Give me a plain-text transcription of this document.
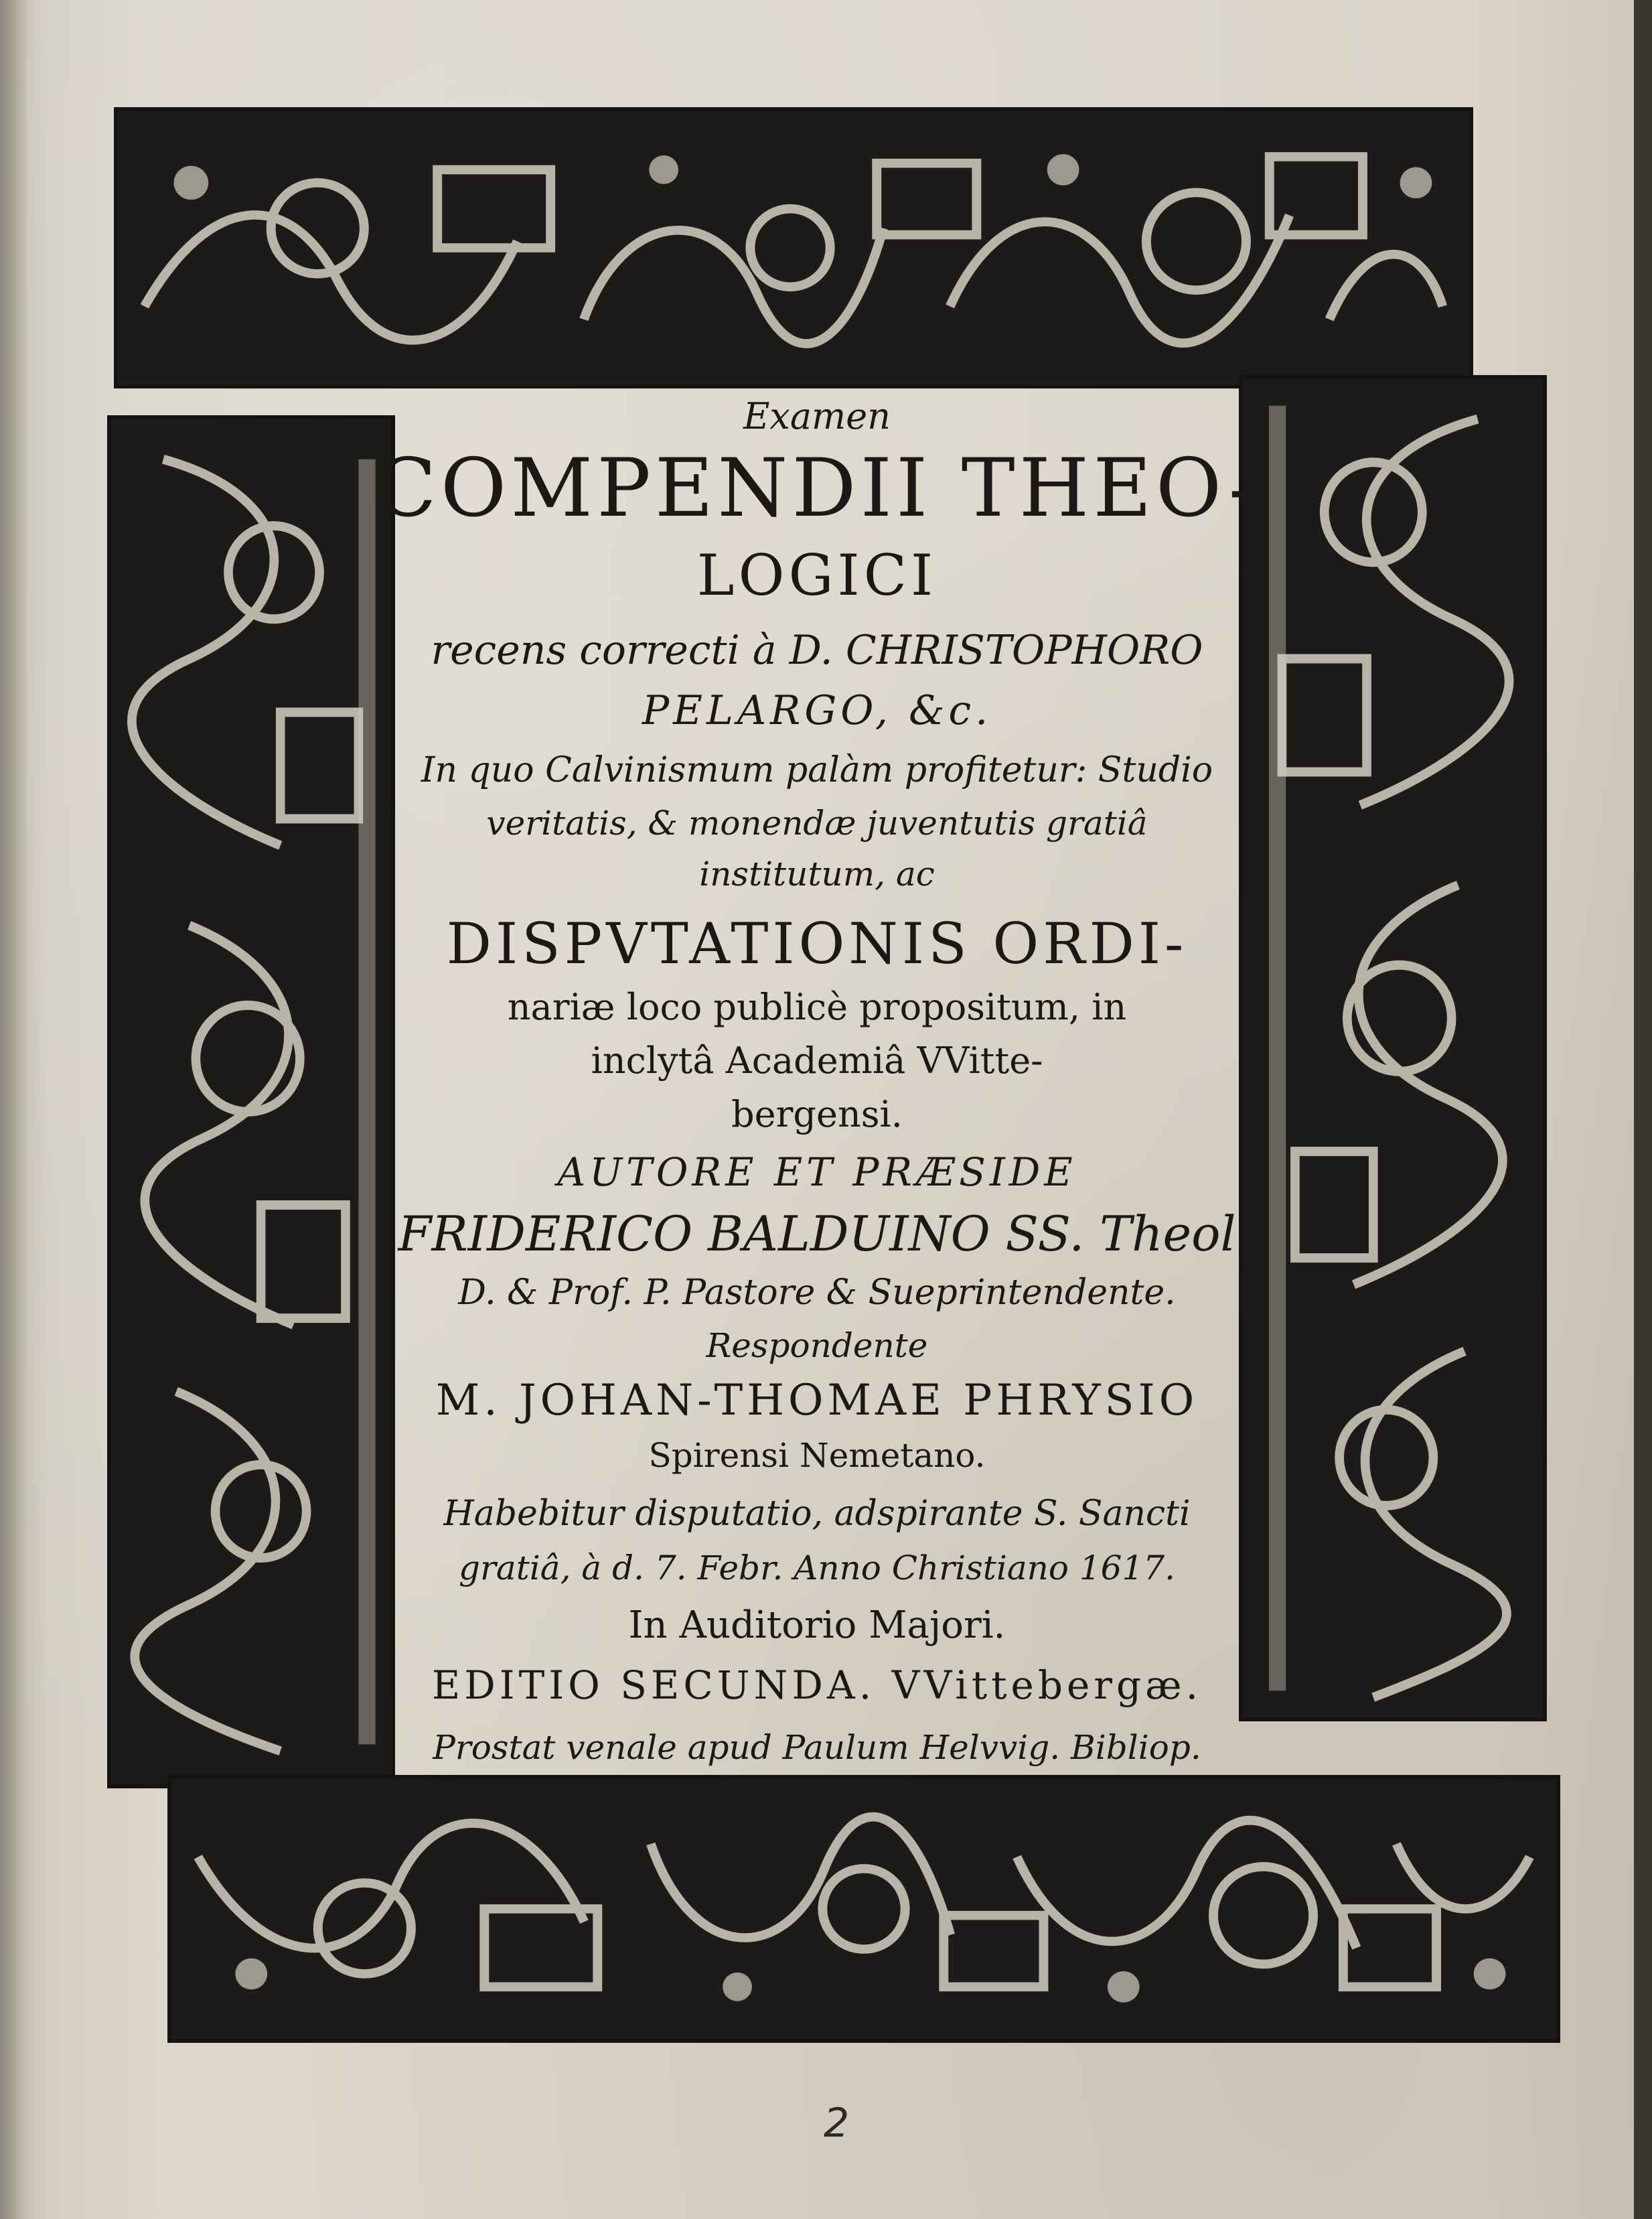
Examen
COMPENDII THEO-
LOGICI
recens correcti à D. CHRISTOPHORO
PELARGO, &c.
In quo Calvinismum palàm profitetur: Studio
veritatis, & monendæ juventutis gratiâ
institutum, ac
DISPVTATIONIS ORDI-
nariæ loco publicè propositum, in
inclytâ Academiâ VVitte-
bergensi.
AUTORE ET PRÆSIDE
FRIDERICO BALDUINO SS. Theol
D. & Prof. P. Pastore & Sueprintendente.
Respondente
M. JOHAN-THOMAE PHRYSIO
Spirensi Nemetano.
Habebitur disputatio, adspirante S. Sancti
gratiâ, à d. 7. Febr. Anno Christiano 1617.
In Auditorio Majori.
EDITIO SECUNDA. VVittebergæ.
Prostat venale apud Paulum Helvvig. Bibliop.
2
